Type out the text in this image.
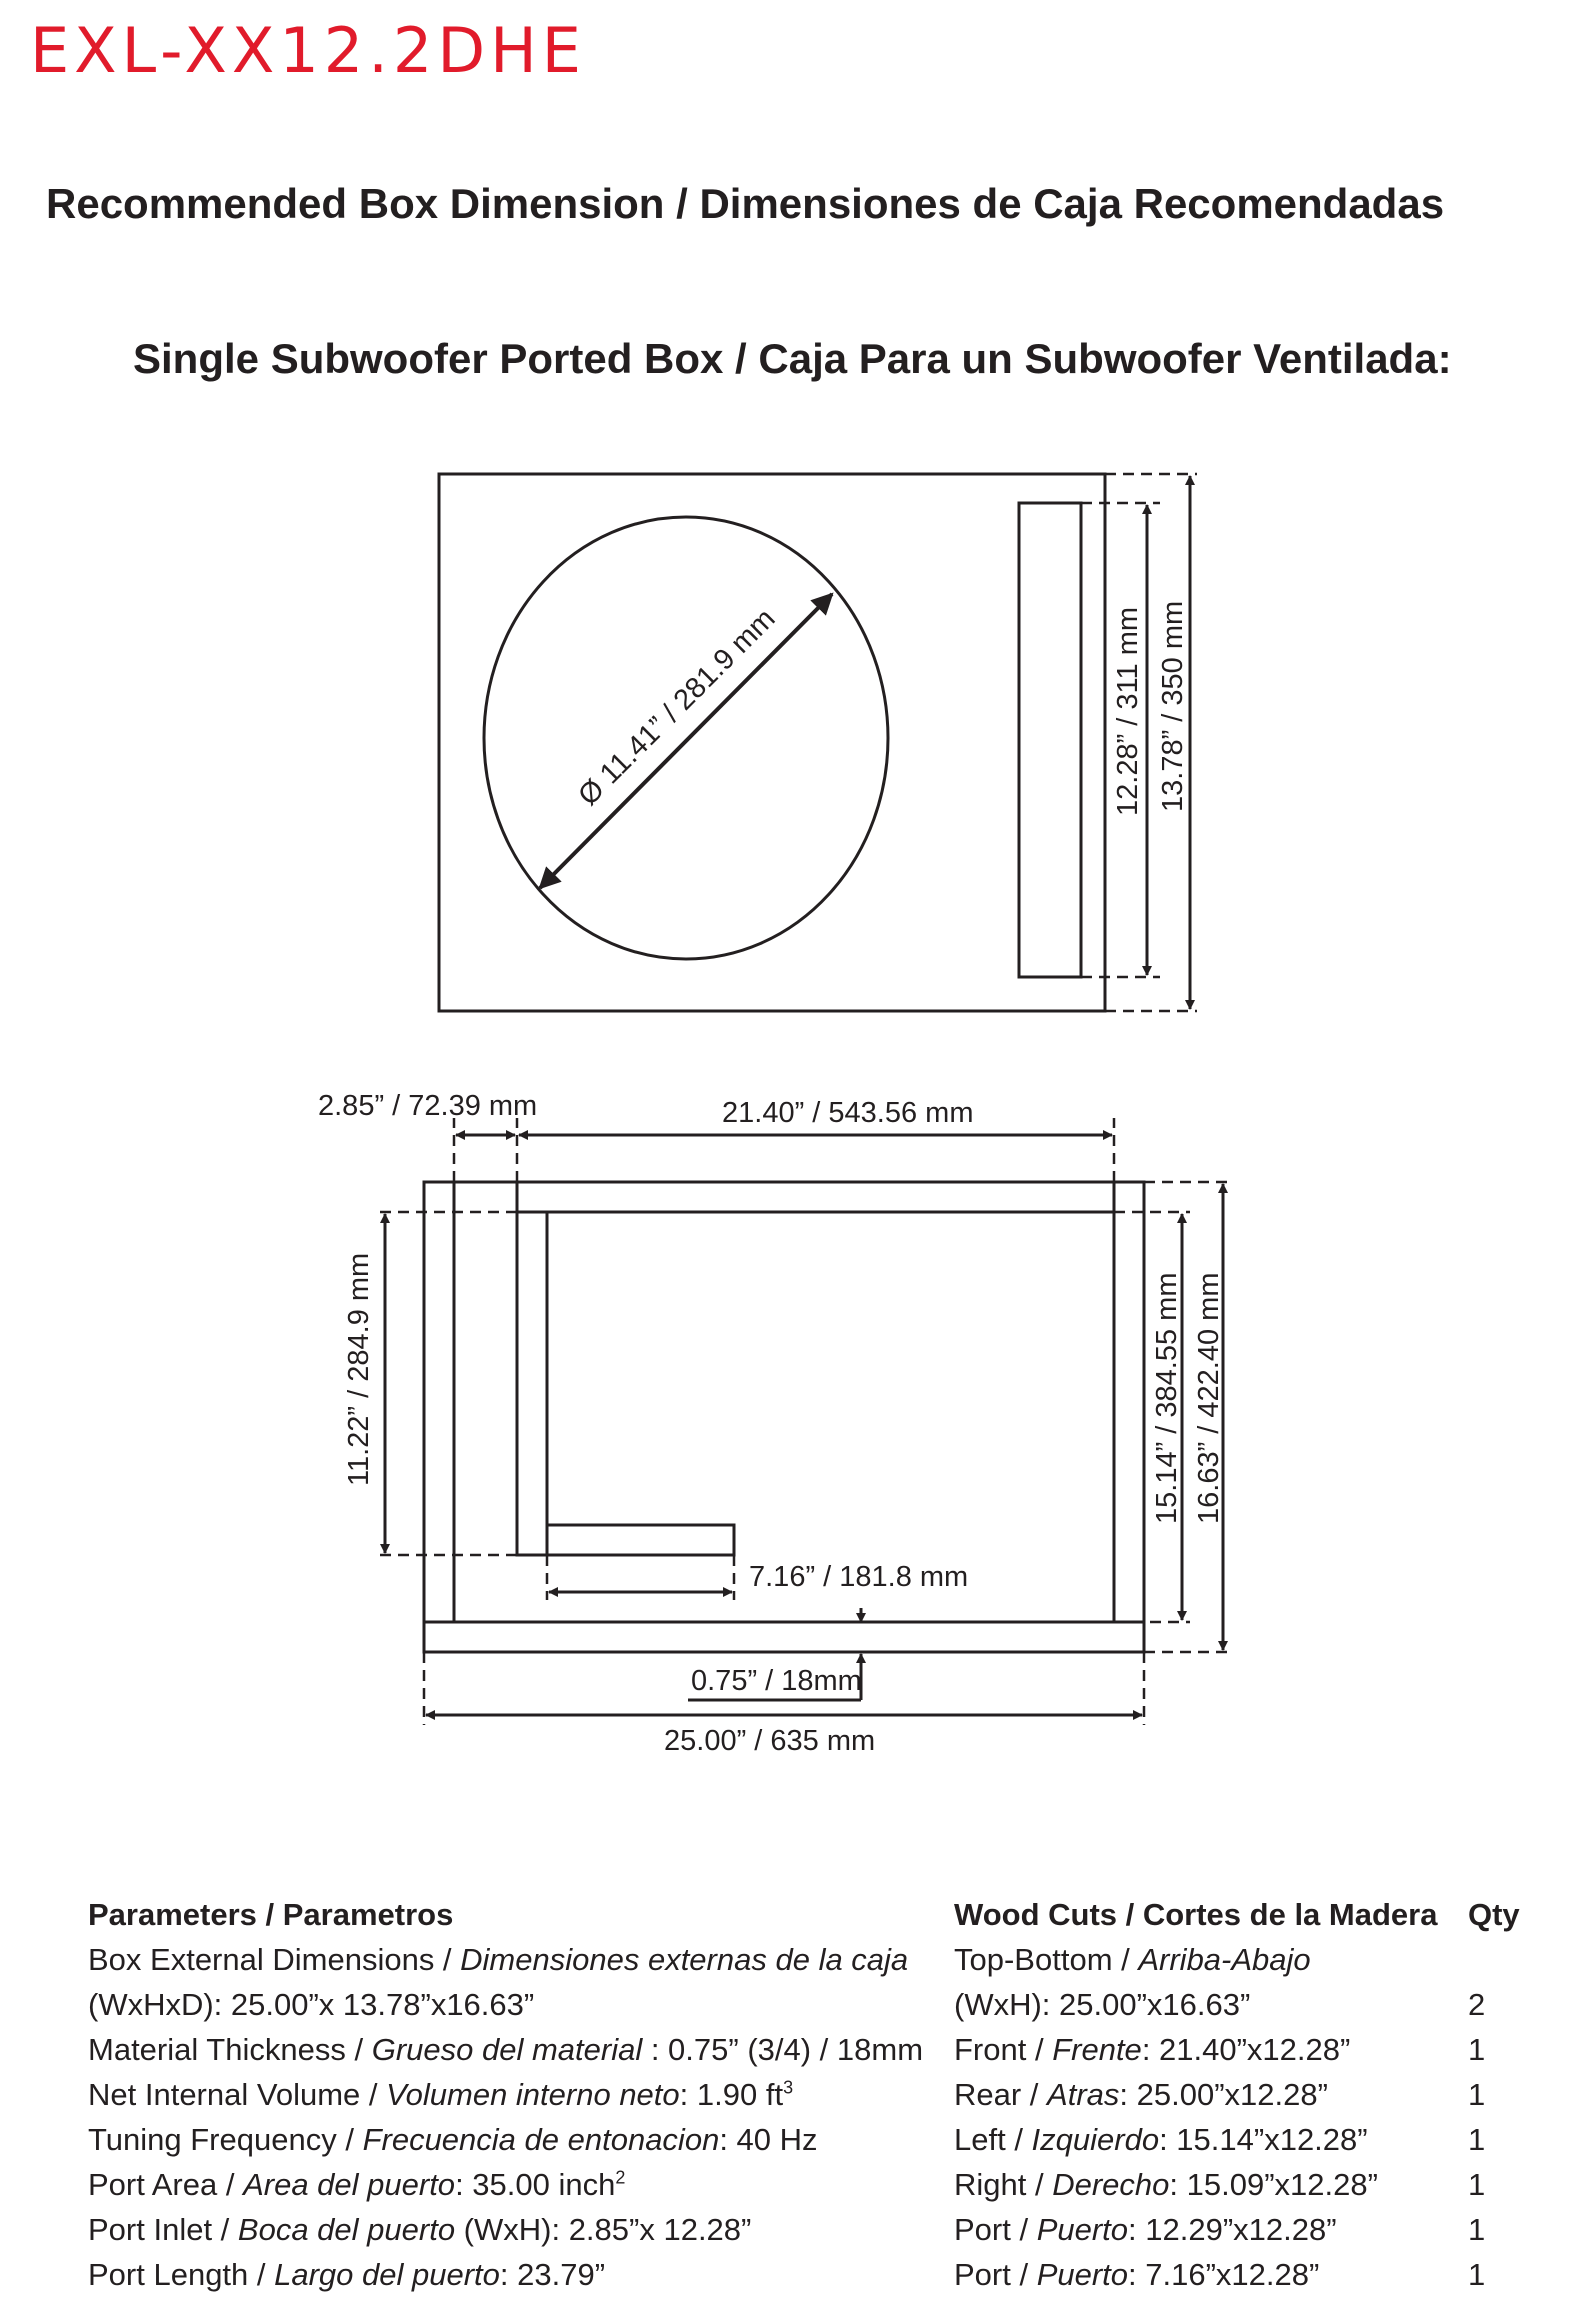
EXL-XX12.2DHE
Recommended Box Dimension / Dimensiones de Caja Recomendadas
Single Subwoofer Ported Box / Caja Para un Subwoofer Ventilada:
Ø 11.41” / 281.9 mm	12.28” / 311 mm 13.78” / 350 mm
2.85” / 72.39 mm	21.40” / 543.56 mm
11.22” / 284.9 mm
7.16” / 181.8 mm
15.14” / 384.55 mm 16.63” / 422.40 mm
0.75” / 18mm
25.00” / 635 mm
Parameters / Parametros
Box External Dimensions / Dimensiones externas de la caja
(WxHxD): 25.00”x 13.78”x16.63”
Material Thickness / Grueso del material : 0.75” (3/4) / 18mm
Net Internal Volume / Volumen interno neto: 1.90 $ft^3$
Tuning Frequency / Frecuencia de entonacion: 40 Hz
Port Area / Area del puerto: 35.00 inch$^2$
Port Inlet / Boca del puerto (WxH): 2.85”x 12.28”
Port Length / Largo del puerto: 23.79”
Wood Cuts / Cortes de la Madera Qty
Top-Bottom / Arriba-Abajo
(WxH): 25.00”x16.63”	2
Front / Frente: 21.40”x12.28”	1
Rear / Atras: 25.00”x12.28”	1
Left / Izquierdo: 15.14”x12.28”	1
Right / Derecho: 15.09”x12.28”	1
Port / Puerto: 12.29”x12.28”	1
Port / Puerto: 7.16”x12.28”	1
